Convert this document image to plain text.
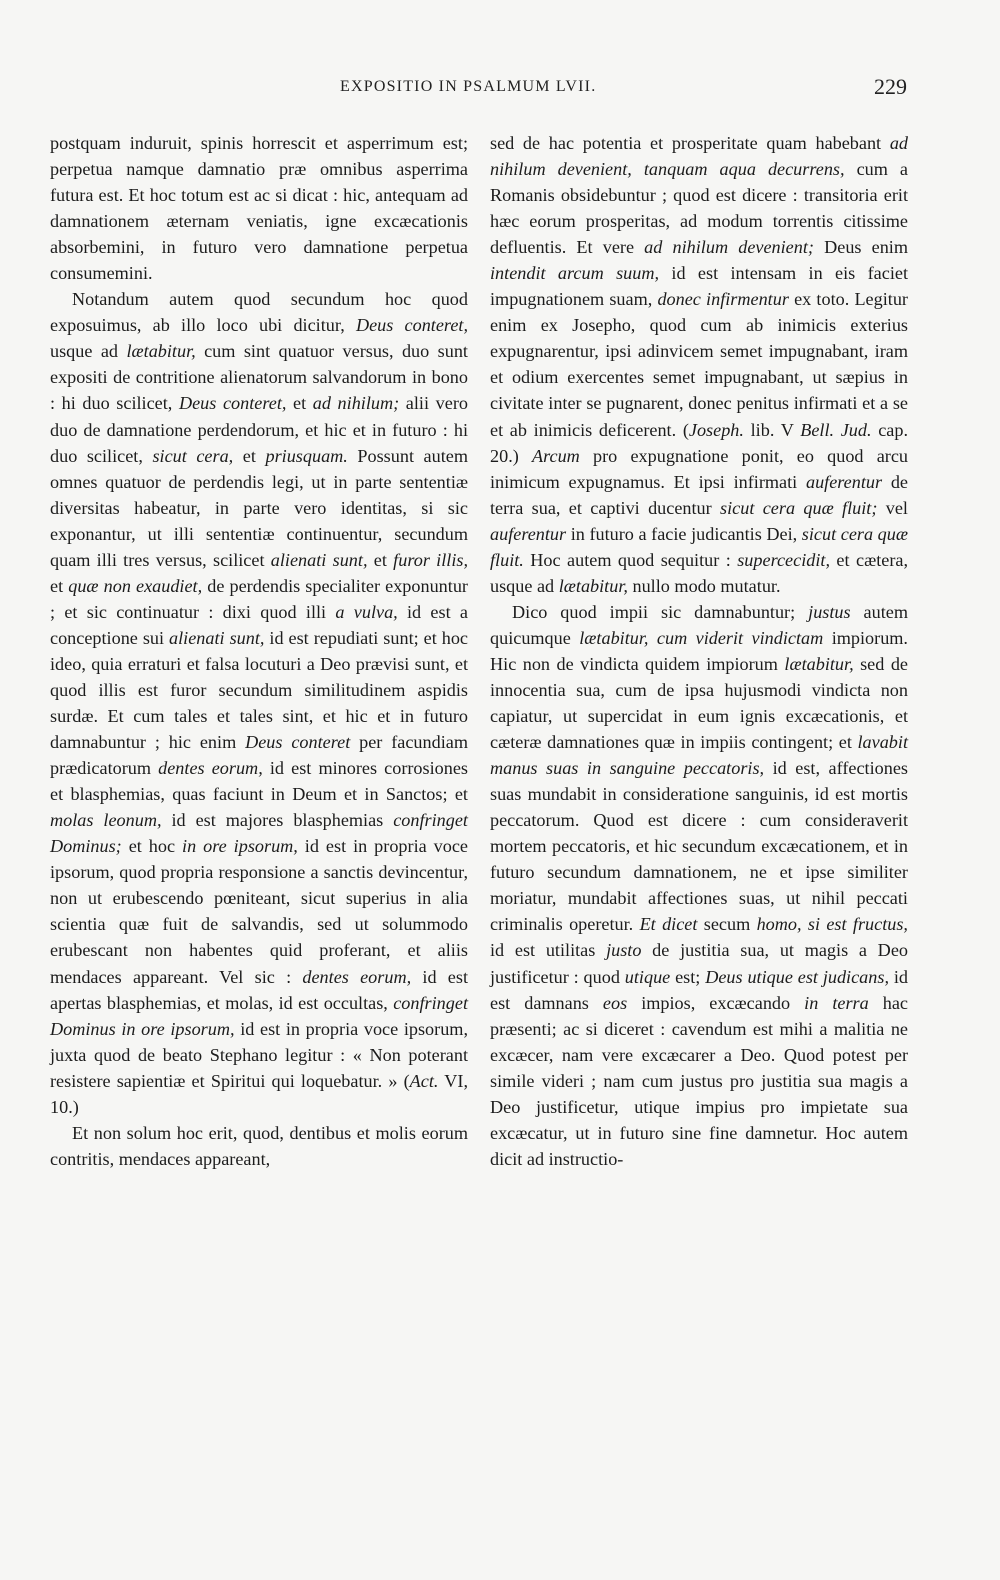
EXPOSITIO IN PSALMUM LVII.	229

postquam induruit, spinis horrescit et asperrimum est; perpetua namque damnatio præ omnibus asperrima futura est. Et hoc totum est ac si dicat : hic, antequam ad damnationem æternam veniatis, igne excæcationis absorbemini, in futuro vero damnatione perpetua consumemini.

Notandum autem quod secundum hoc quod exposuimus, ab illo loco ubi dicitur, Deus conteret, usque ad lætabitur, cum sint quatuor versus, duo sunt expositi de contritione alienatorum salvandorum in bono : hi duo scilicet, Deus conteret, et ad nihilum; alii vero duo de damnatione perdendorum, et hic et in futuro : hi duo scilicet, sicut cera, et priusquam. Possunt autem omnes quatuor de perdendis legi, ut in parte sententiæ diversitas habeatur, in parte vero identitas, si sic exponantur, ut illi sententiæ continuentur, secundum quam illi tres versus, scilicet alienati sunt, et furor illis, et quæ non exaudiet, de perdendis specialiter exponuntur ; et sic continuatur : dixi quod illi a vulva, id est a conceptione sui alienati sunt, id est repudiati sunt; et hoc ideo, quia erraturi et falsa locuturi a Deo prævisi sunt, et quod illis est furor secundum similitudinem aspidis surdæ. Et cum tales et tales sint, et hic et in futuro damnabuntur ; hic enim Deus conteret per facundiam prædicatorum dentes eorum, id est minores corrosiones et blasphemias, quas faciunt in Deum et in Sanctos; et molas leonum, id est majores blasphemias confringet Dominus; et hoc in ore ipsorum, id est in propria voce ipsorum, quod propria responsione a sanctis devincentur, non ut erubescendo pœniteant, sicut superius in alia scientia quæ fuit de salvandis, sed ut solummodo erubescant non habentes quid proferant, et aliis mendaces appareant. Vel sic : dentes eorum, id est apertas blasphemias, et molas, id est occultas, confringet Dominus in ore ipsorum, id est in propria voce ipsorum, juxta quod de beato Stephano legitur : « Non poterant resistere sapientiæ et Spiritui qui loquebatur. » (Act. VI, 10.)

Et non solum hoc erit, quod, dentibus et molis eorum contritis, mendaces appareant,

sed de hac potentia et prosperitate quam habebant ad nihilum devenient, tanquam aqua decurrens, cum a Romanis obsidebuntur ; quod est dicere : transitoria erit hæc eorum prosperitas, ad modum torrentis citissime defluentis. Et vere ad nihilum devenient; Deus enim intendit arcum suum, id est intensam in eis faciet impugnationem suam, donec infirmentur ex toto. Legitur enim ex Josepho, quod cum ab inimicis exterius expugnarentur, ipsi adinvicem semet impugnabant, iram et odium exercentes semet impugnabant, ut sæpius in civitate inter se pugnarent, donec penitus infirmati et a se et ab inimicis deficerent. (Joseph. lib. V Bell. Jud. cap. 20.) Arcum pro expugnatione ponit, eo quod arcu inimicum expugnamus. Et ipsi infirmati auferentur de terra sua, et captivi ducentur sicut cera quæ fluit; vel auferentur in futuro a facie judicantis Dei, sicut cera quæ fluit. Hoc autem quod sequitur : supercecidit, et cætera, usque ad lætabitur, nullo modo mutatur.

Dico quod impii sic damnabuntur; justus autem quicumque lætabitur, cum viderit vindictam impiorum. Hic non de vindicta quidem impiorum lætabitur, sed de innocentia sua, cum de ipsa hujusmodi vindicta non capiatur, ut supercidat in eum ignis excæcationis, et cæteræ damnationes quæ in impiis contingent; et lavabit manus suas in sanguine peccatoris, id est, affectiones suas mundabit in consideratione sanguinis, id est mortis peccatorum. Quod est dicere : cum consideraverit mortem peccatoris, et hic secundum excæcationem, et in futuro secundum damnationem, ne et ipse similiter moriatur, mundabit affectiones suas, ut nihil peccati criminalis operetur. Et dicet secum homo, si est fructus, id est utilitas justo de justitia sua, ut magis a Deo justificetur : quod utique est; Deus utique est judicans, id est damnans eos impios, excæcando in terra hac præsenti; ac si diceret : cavendum est mihi a malitia ne excæcer, nam vere excæcarer a Deo. Quod potest per simile videri ; nam cum justus pro justitia sua magis a Deo justificetur, utique impius pro impietate sua excæcatur, ut in futuro sine fine damnetur. Hoc autem dicit ad instructio-
